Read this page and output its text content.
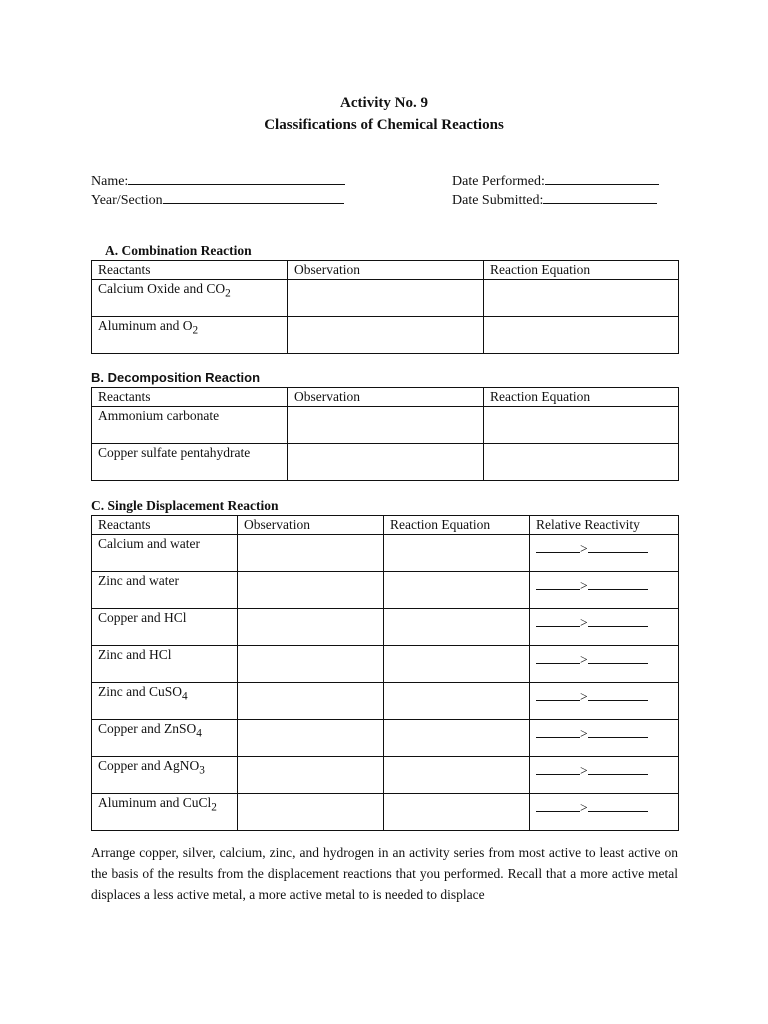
Activity No. 9
Classifications of Chemical Reactions
Name:
Year/Section
Date Performed:
Date Submitted:
A. Combination Reaction
Reactants	Observation	Reaction Equation
Calcium Oxide and $CO_2$		
Aluminum and $O_2$		
B. Decomposition Reaction
Reactants	Observation	Reaction Equation
Ammonium carbonate		
Copper sulfate pentahydrate		
C. Single Displacement Reaction
Reactants	Observation	Reaction Equation	Relative Reactivity
Calcium and water			>
Zinc and water			>
Copper and HCl			>
Zinc and HCl			>
Zinc and CuSO$_4$			>
Copper and ZnSO$_4$			>
Copper and AgNO$_3$			>
Aluminum and CuCl$_2$			>
Arrange copper, silver, calcium, zinc, and hydrogen in an activity series from most active to least active on the basis of the results from the displacement reactions that you performed. Recall that a more active metal displaces a less active metal, a more active metal to is needed to displace
